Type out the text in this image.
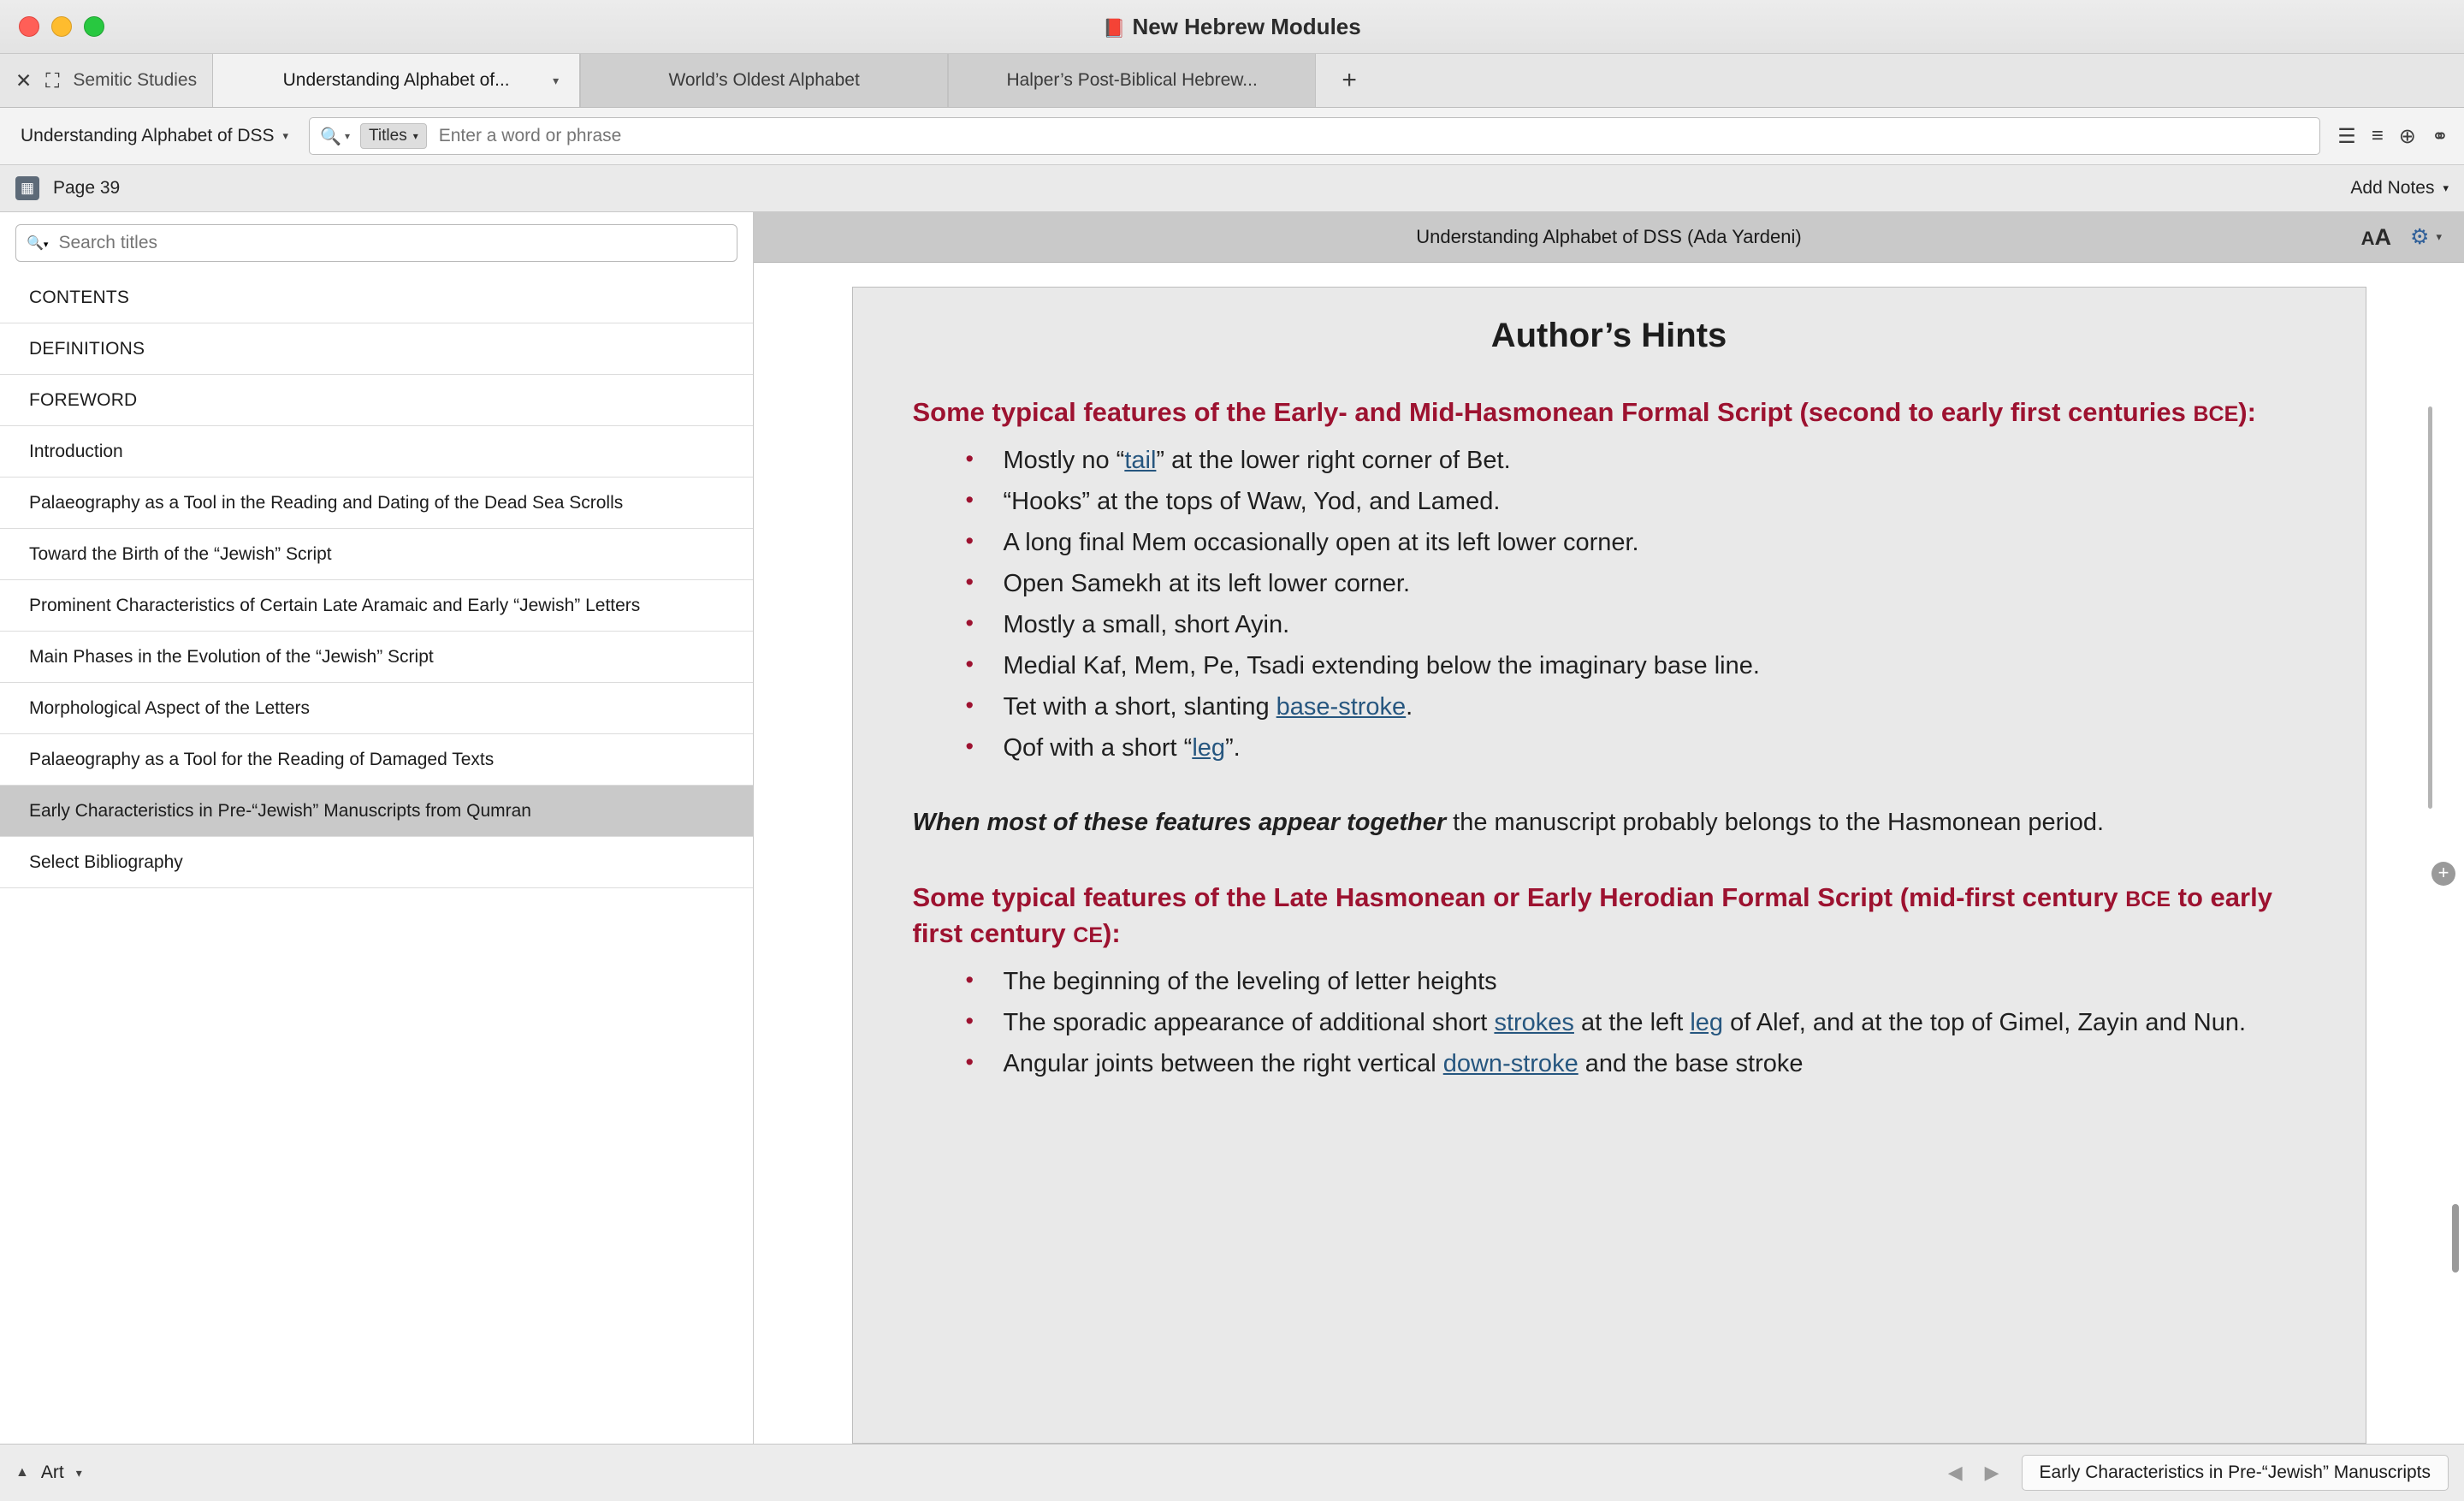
📕 New Hebrew Modules
✕ ⛶ Semitic Studies	Understanding Alphabet of...	▾	World’s Oldest Alphabet	Halper’s Post-Biblical Hebrew...	+
Understanding Alphabet of DSS ▾ 🔍 ▾ Titles ▾
Enter a word or phrase	☰ ≡ ⊕ ⚭
▦ Page 39	Add Notes ▾
🔍▾
Search titles
CONTENTS
DEFINITIONS
FOREWORD
Introduction
Palaeography as a Tool in the Reading and Dating of the Dead Sea Scrolls
Toward the Birth of the “Jewish” Script
Prominent Characteristics of Certain Late Aramaic and Early “Jewish” Letters
Main Phases in the Evolution of the “Jewish” Script
Morphological Aspect of the Letters
Palaeography as a Tool for the Reading of Damaged Texts
Early Characteristics in Pre-“Jewish” Manuscripts from Qumran
Select Bibliography
Understanding Alphabet of DSS (Ada Yardeni)	AA ⚙ ▾
Author’s Hints
Some typical features of the Early- and Mid-Hasmonean Formal Script (second to early first centuries BCE):
• Mostly no “tail” at the lower right corner of Bet.
• “Hooks” at the tops of Waw, Yod, and Lamed.
• A long final Mem occasionally open at its left lower corner.
• Open Samekh at its left lower corner.
• Mostly a small, short Ayin.
• Medial Kaf, Mem, Pe, Tsadi extending below the imaginary base line.
• Tet with a short, slanting base-stroke.
• Qof with a short “leg”.

When most of these features appear together the manuscript probably belongs to the Hasmonean period.

Some typical features of the Late Hasmonean or Early Herodian Formal Script (mid-first century BCE to early first century CE):
• The beginning of the leveling of letter heights
• The sporadic appearance of additional short strokes at the left leg of Alef, and at the top of Gimel, Zayin and Nun.
• Angular joints between the right vertical down-stroke and the base stroke
+
▲ Art ▾	◀ ▶	Early Characteristics in Pre-“Jewish” Manuscripts
